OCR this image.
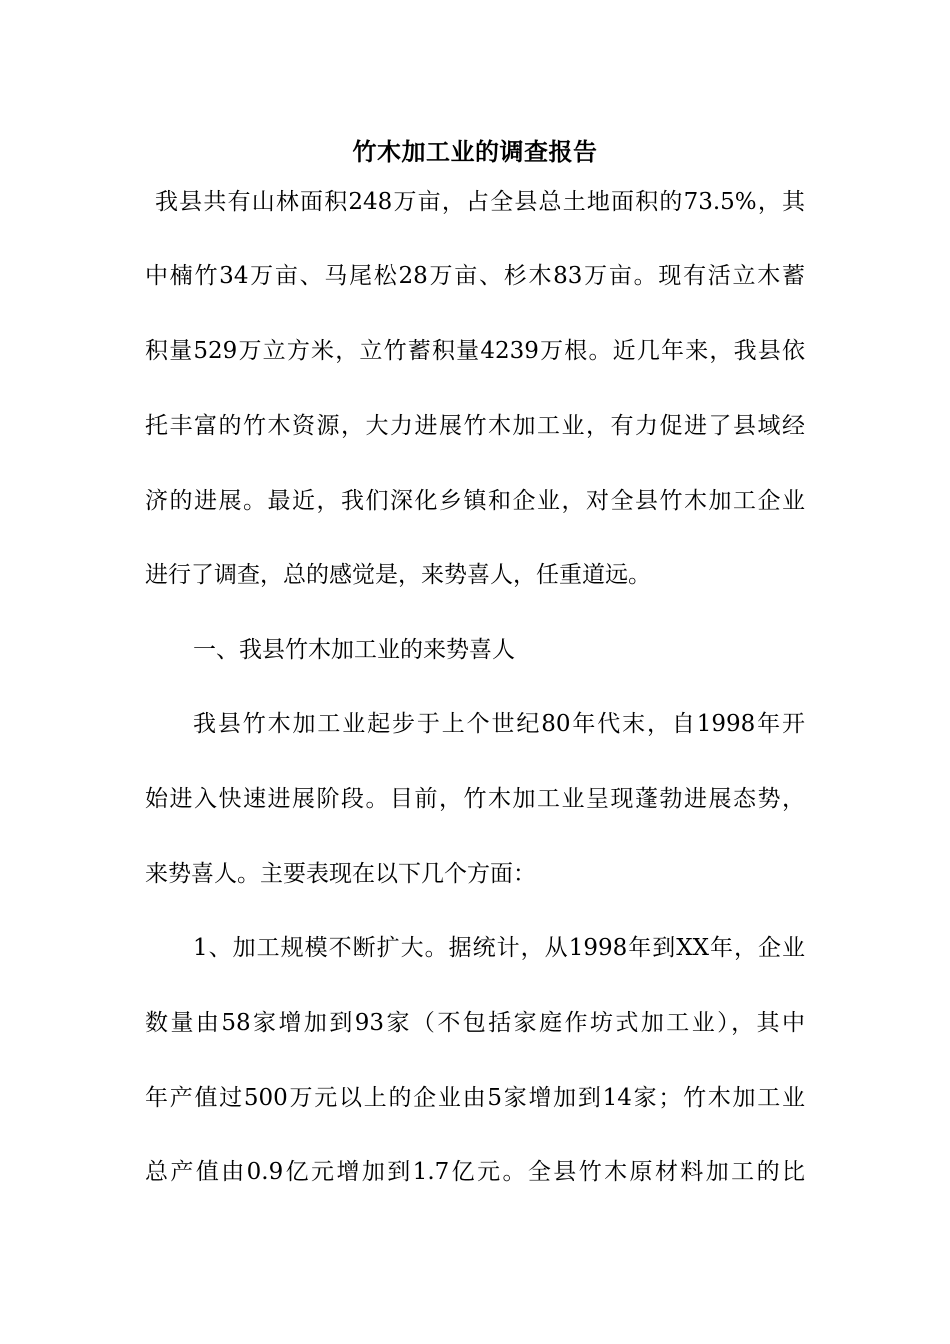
竹木加工业的调查报告
我县共有山林面积248万亩，占全县总土地面积的73.5%，其
中楠竹34万亩、马尾松28万亩、杉木83万亩。现有活立木蓄
积量529万立方米，立竹蓄积量4239万根。近几年来，我县依
托丰富的竹木资源，大力进展竹木加工业，有力促进了县域经
济的进展。最近，我们深化乡镇和企业，对全县竹木加工企业
进行了调查，总的感觉是，来势喜人，任重道远。
一、我县竹木加工业的来势喜人
我县竹木加工业起步于上个世纪80年代末，自1998年开
始进入快速进展阶段。目前，竹木加工业呈现蓬勃进展态势，
来势喜人。主要表现在以下几个方面：
1、加工规模不断扩大。据统计，从1998年到XX年，企业
数量由58家增加到93家（不包括家庭作坊式加工业），其中
年产值过500万元以上的企业由5家增加到14家；竹木加工业
总产值由0.9亿元增加到1.7亿元。全县竹木原材料加工的比
